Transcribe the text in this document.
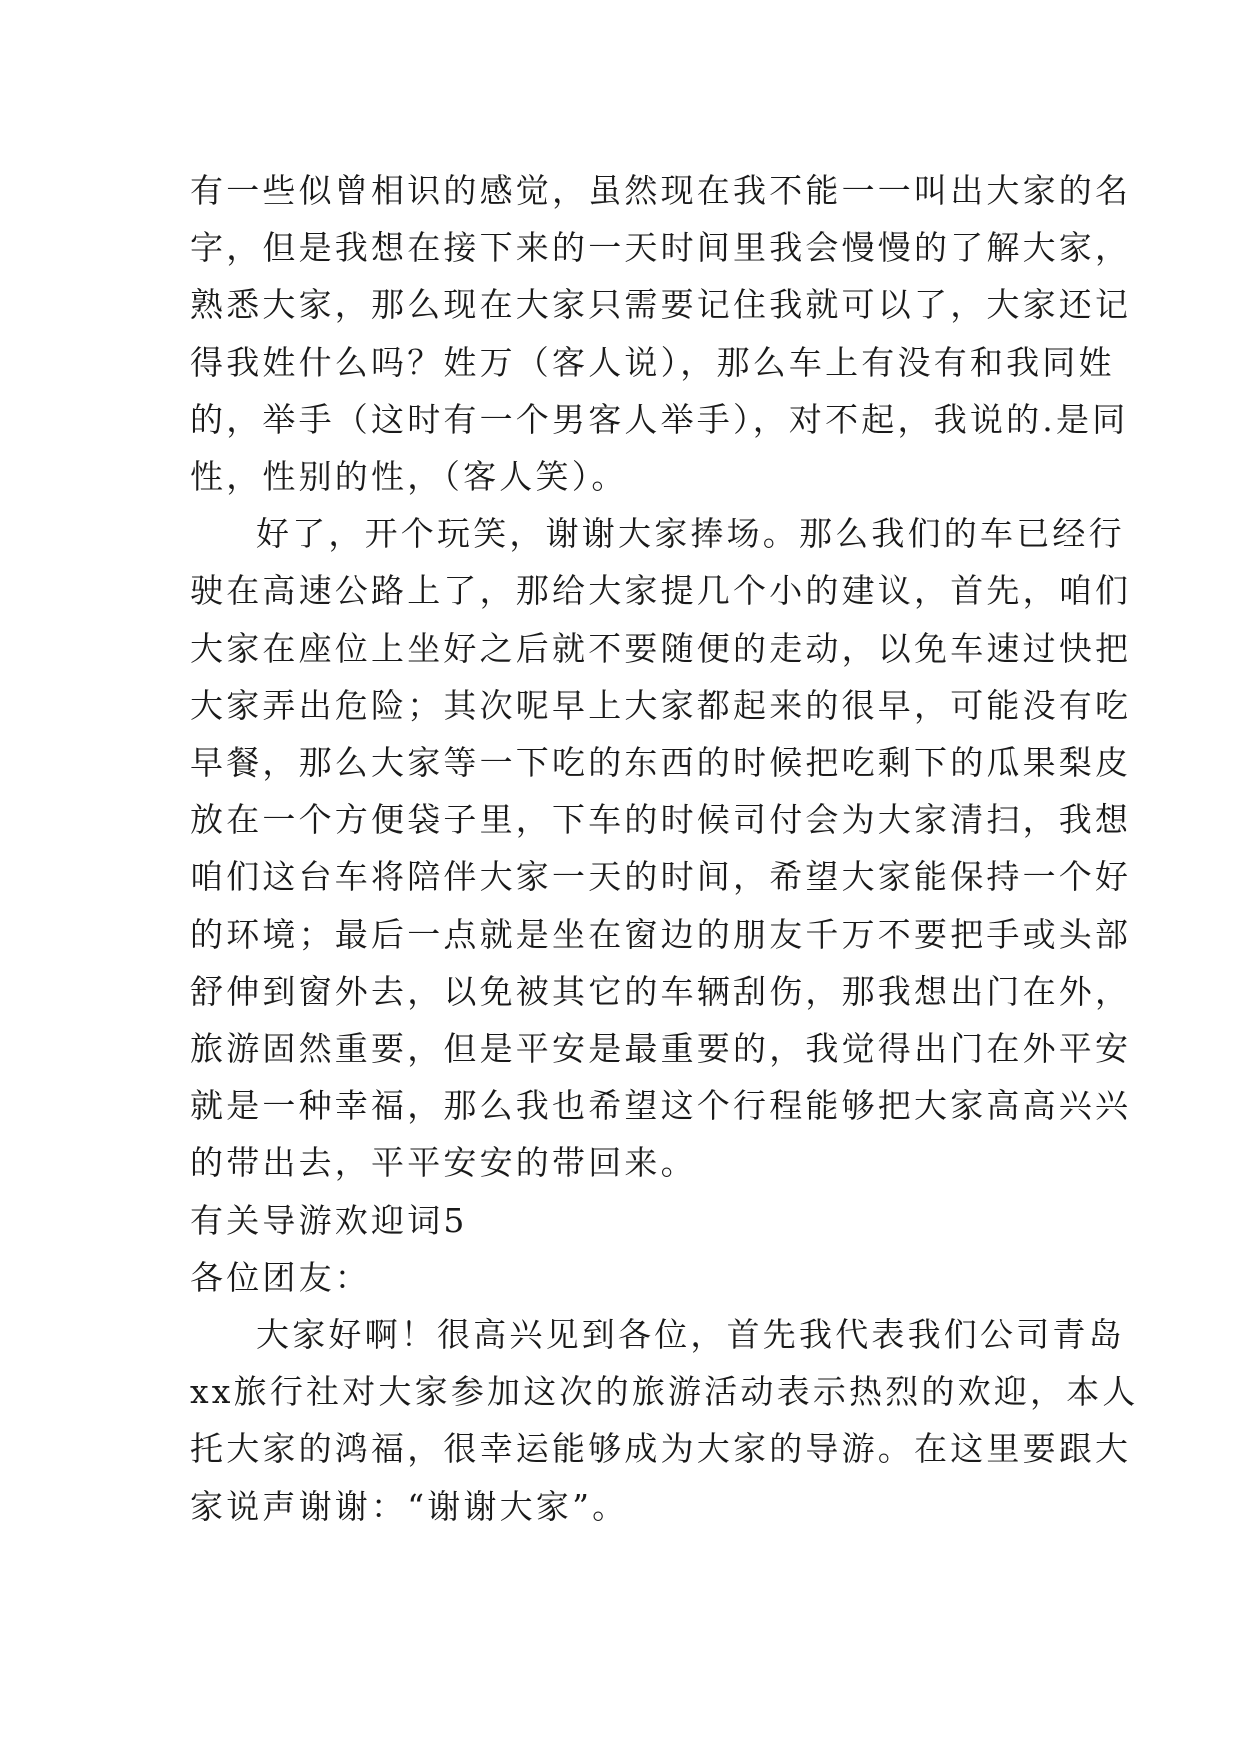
有一些似曾相识的感觉，虽然现在我不能一一叫出大家的名
字，但是我想在接下来的一天时间里我会慢慢的了解大家，
熟悉大家，那么现在大家只需要记住我就可以了，大家还记
得我姓什么吗？姓万（客人说），那么车上有没有和我同姓
的，举手（这时有一个男客人举手），对不起，我说的.是同
性，性别的性，（客人笑）。
好了，开个玩笑，谢谢大家捧场。那么我们的车已经行
驶在高速公路上了，那给大家提几个小的建议，首先，咱们
大家在座位上坐好之后就不要随便的走动，以免车速过快把
大家弄出危险；其次呢早上大家都起来的很早，可能没有吃
早餐，那么大家等一下吃的东西的时候把吃剩下的瓜果梨皮
放在一个方便袋子里，下车的时候司付会为大家清扫，我想
咱们这台车将陪伴大家一天的时间，希望大家能保持一个好
的环境；最后一点就是坐在窗边的朋友千万不要把手或头部
舒伸到窗外去，以免被其它的车辆刮伤，那我想出门在外，
旅游固然重要，但是平安是最重要的，我觉得出门在外平安
就是一种幸福，那么我也希望这个行程能够把大家高高兴兴
的带出去，平平安安的带回来。
有关导游欢迎词5
各位团友：
大家好啊！很高兴见到各位，首先我代表我们公司青岛
xx旅行社对大家参加这次的旅游活动表示热烈的欢迎，本人
托大家的鸿福，很幸运能够成为大家的导游。在这里要跟大
家说声谢谢：“谢谢大家”。
